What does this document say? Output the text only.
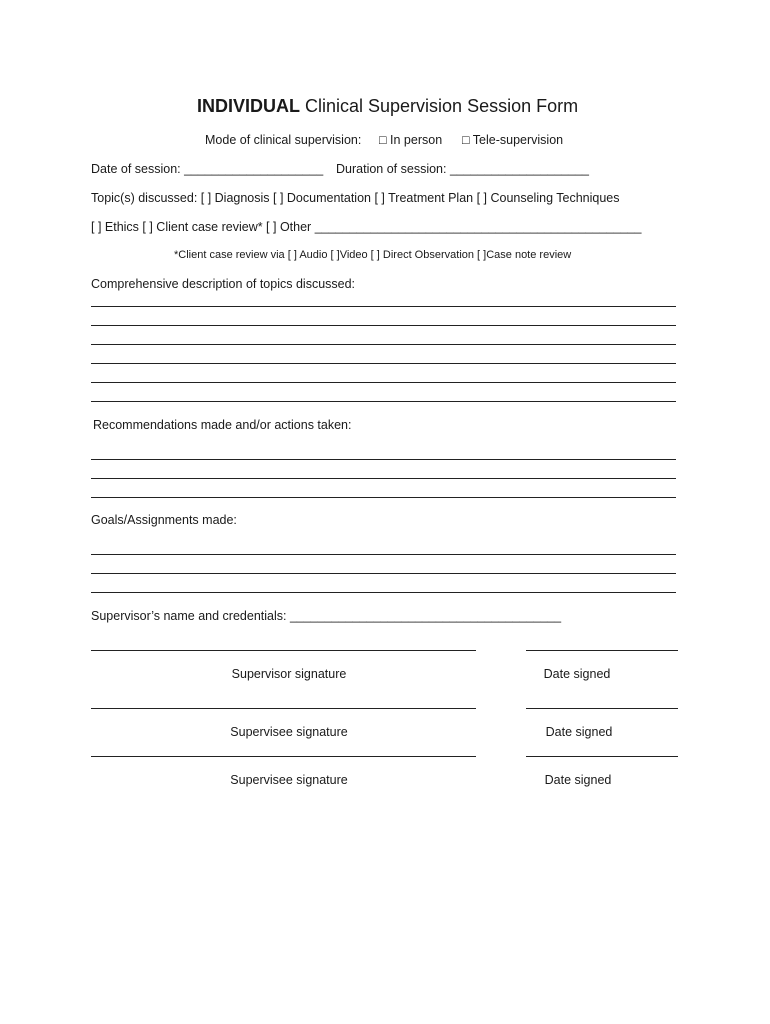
INDIVIDUAL Clinical Supervision Session Form
Mode of clinical supervision: □ In person □ Tele-supervision
Date of session: ____________________ Duration of session: ____________________
Topic(s) discussed: [ ] Diagnosis [ ] Documentation [ ] Treatment Plan [ ] Counseling Techniques
[ ] Ethics [ ] Client case review* [ ] Other _______________________________________________
*Client case review via [ ] Audio [ ]Video [ ] Direct Observation [ ]Case note review
Comprehensive description of topics discussed:
Recommendations made and/or actions taken:
Goals/Assignments made:
Supervisor’s name and credentials: _______________________________________
Supervisor signature	Date signed
Supervisee signature	Date signed
Supervisee signature	Date signed
